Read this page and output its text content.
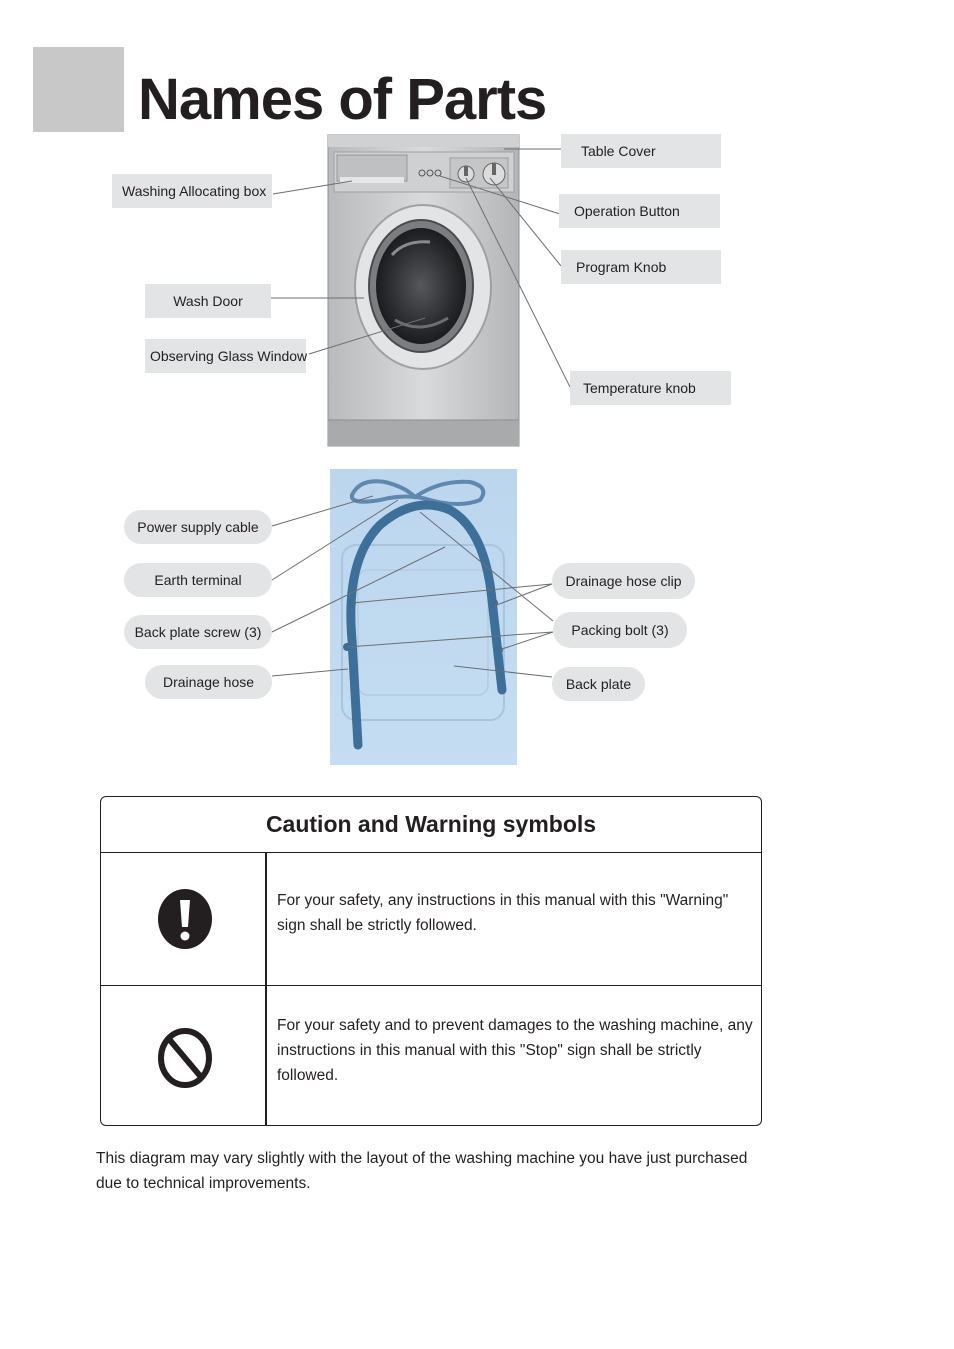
Names of Parts
Washing Allocating box
Wash Door
Observing Glass Window
Table Cover
Operation Button
Program Knob
Temperature knob
Power supply cable
Earth terminal
Back plate screw (3)
Drainage hose
Drainage hose clip
Packing bolt (3)
Back plate
Caution and Warning symbols
For your safety, any instructions in this manual with this "Warning" sign shall be strictly followed.
For your safety and to prevent damages to the washing machine, any instructions in this manual with this "Stop" sign shall be strictly followed.
This diagram may vary slightly with the layout of the washing machine you have just purchased due to technical improvements.
